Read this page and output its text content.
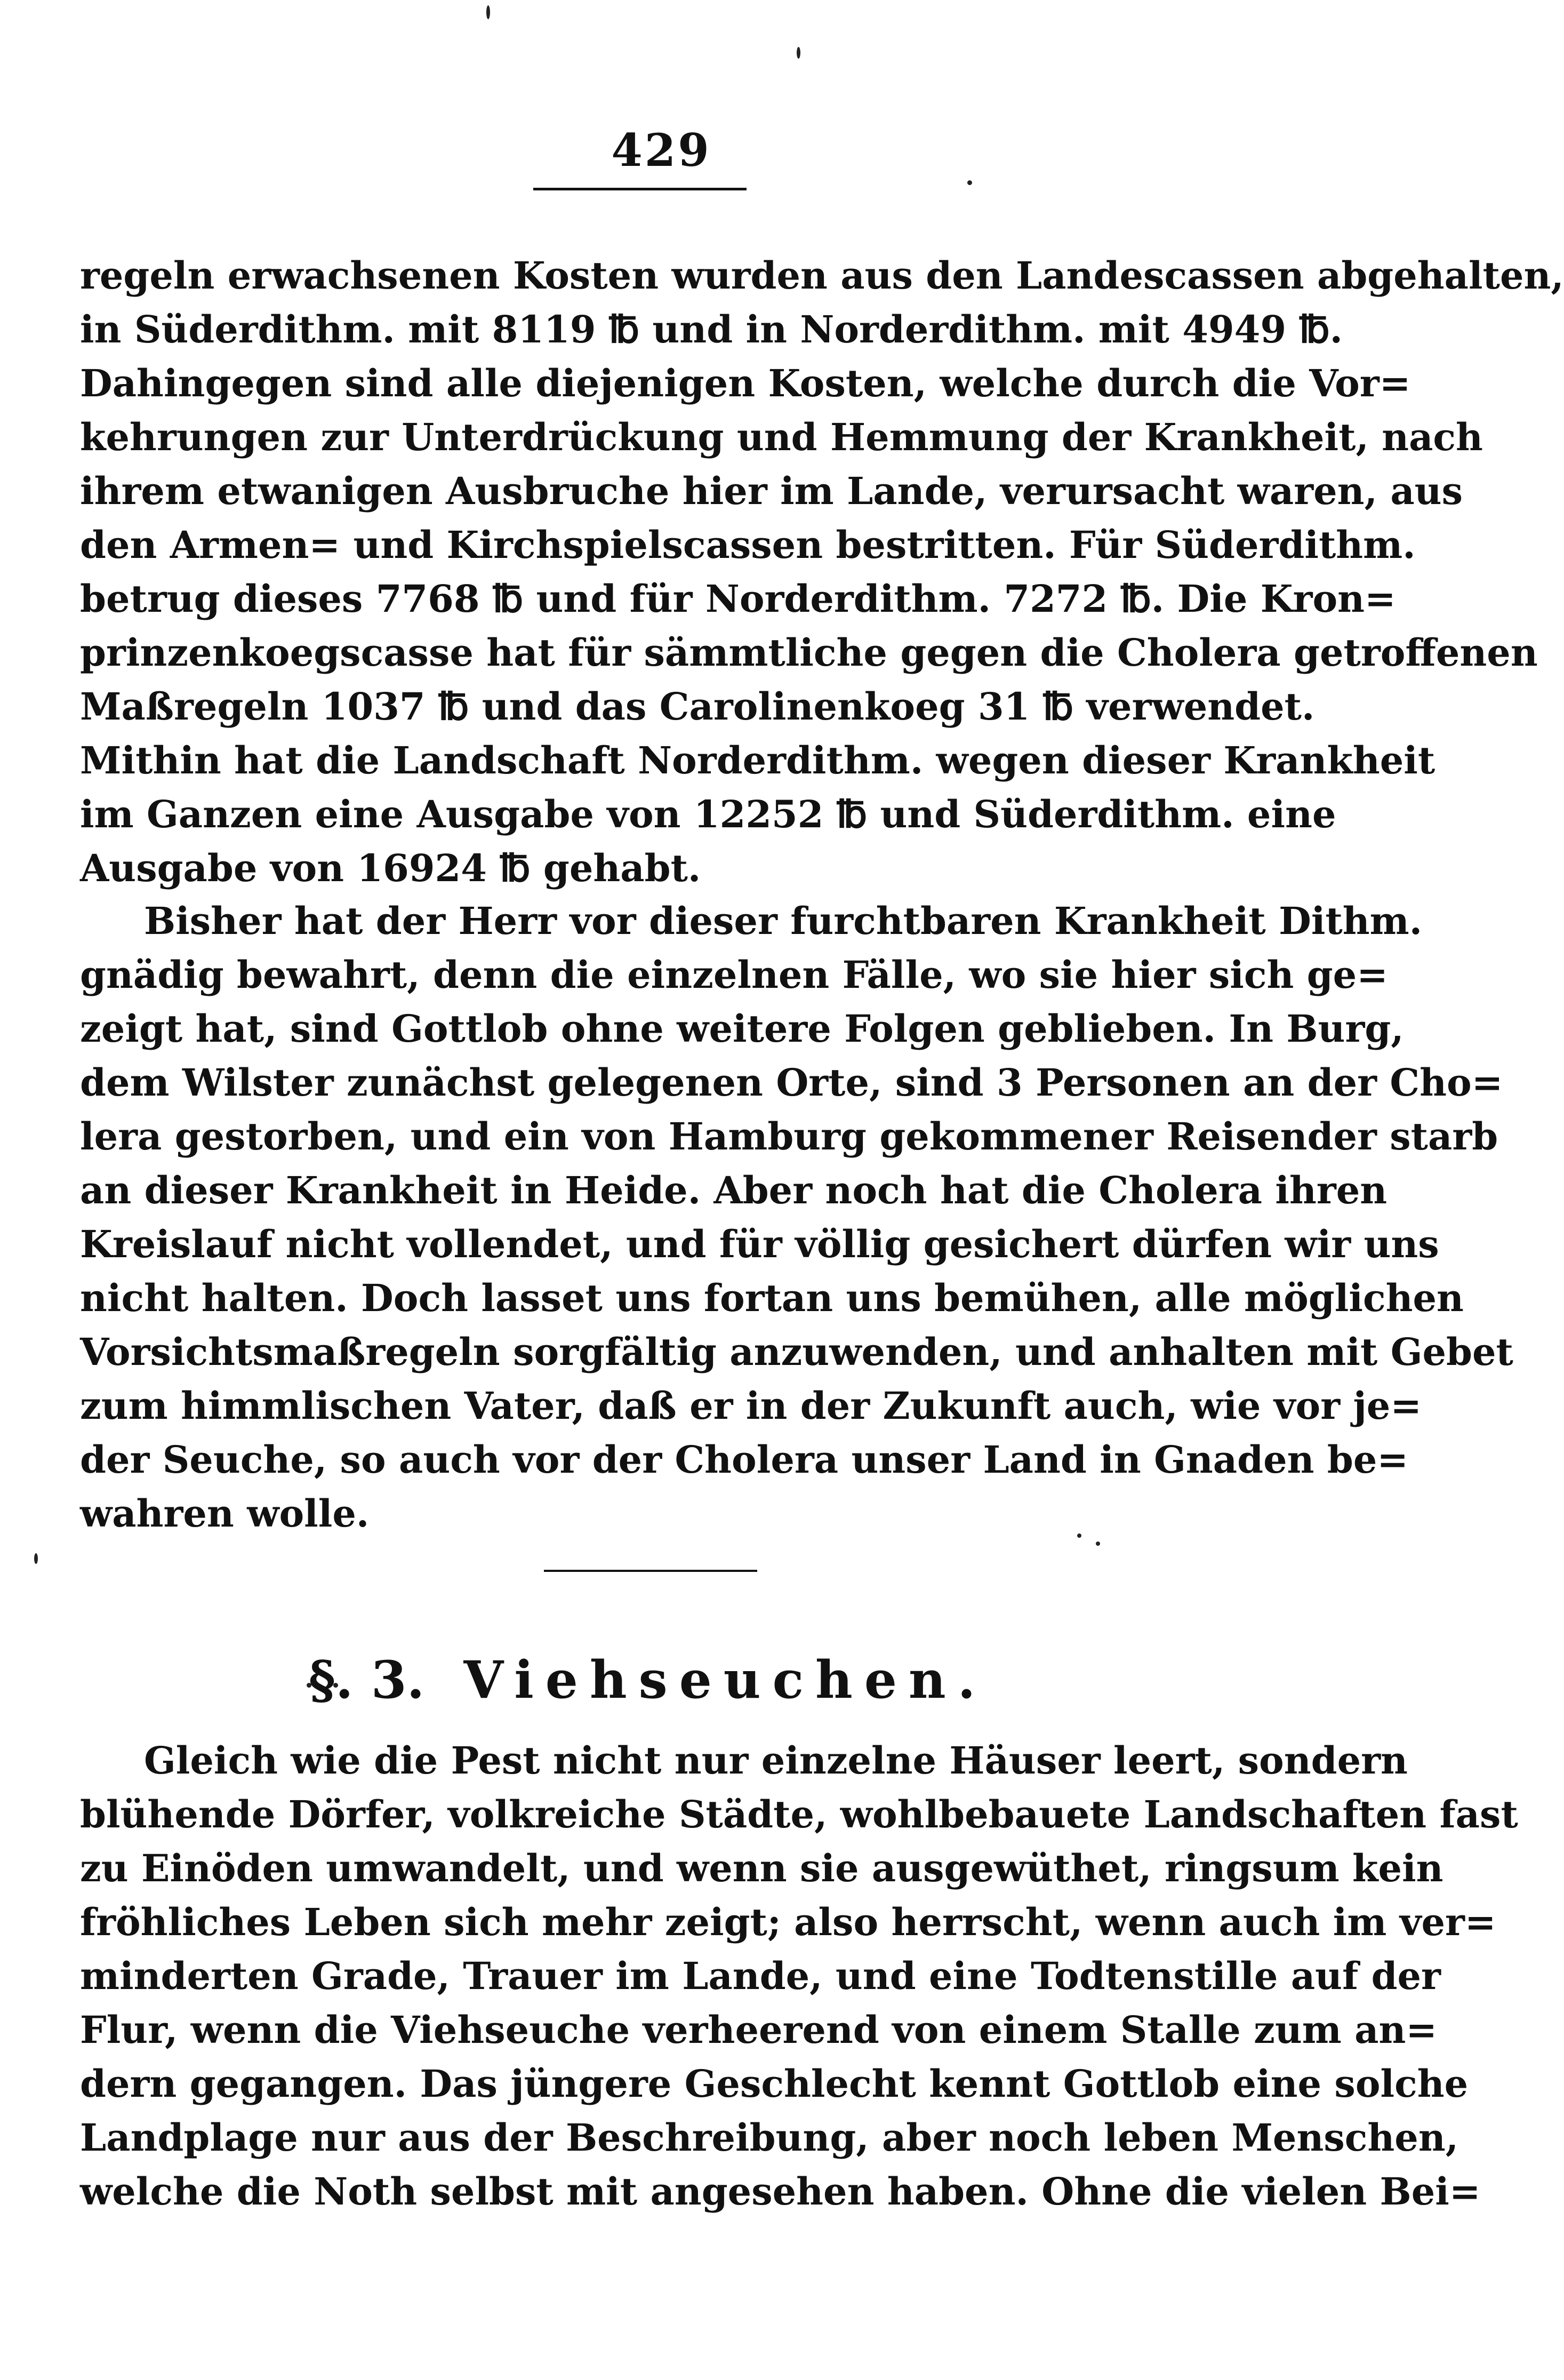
429
regeln erwachsenen Kosten wurden aus den Landescassen abgehalten,
in Süderdithm. mit 8119 ℔ und in Norderdithm. mit 4949 ℔.
Dahingegen sind alle diejenigen Kosten, welche durch die Vor=
kehrungen zur Unterdrückung und Hemmung der Krankheit, nach
ihrem etwanigen Ausbruche hier im Lande, verursacht waren, aus
den Armen= und Kirchspielscassen bestritten. Für Süderdithm.
betrug dieses 7768 ℔ und für Norderdithm. 7272 ℔. Die Kron=
prinzenkoegscasse hat für sämmtliche gegen die Cholera getroffenen
Maßregeln 1037 ℔ und das Carolinenkoeg 31 ℔ verwendet.
Mithin hat die Landschaft Norderdithm. wegen dieser Krankheit
im Ganzen eine Ausgabe von 12252 ℔ und Süderdithm. eine
Ausgabe von 16924 ℔ gehabt.
Bisher hat der Herr vor dieser furchtbaren Krankheit Dithm.
gnädig bewahrt, denn die einzelnen Fälle, wo sie hier sich ge=
zeigt hat, sind Gottlob ohne weitere Folgen geblieben. In Burg,
dem Wilster zunächst gelegenen Orte, sind 3 Personen an der Cho=
lera gestorben, und ein von Hamburg gekommener Reisender starb
an dieser Krankheit in Heide. Aber noch hat die Cholera ihren
Kreislauf nicht vollendet, und für völlig gesichert dürfen wir uns
nicht halten. Doch lasset uns fortan uns bemühen, alle möglichen
Vorsichtsmaßregeln sorgfältig anzuwenden, und anhalten mit Gebet
zum himmlischen Vater, daß er in der Zukunft auch, wie vor je=
der Seuche, so auch vor der Cholera unser Land in Gnaden be=
wahren wolle.
§. 3. Viehseuchen.
Gleich wie die Pest nicht nur einzelne Häuser leert, sondern
blühende Dörfer, volkreiche Städte, wohlbebauete Landschaften fast
zu Einöden umwandelt, und wenn sie ausgewüthet, ringsum kein
fröhliches Leben sich mehr zeigt; also herrscht, wenn auch im ver=
minderten Grade, Trauer im Lande, und eine Todtenstille auf der
Flur, wenn die Viehseuche verheerend von einem Stalle zum an=
dern gegangen. Das jüngere Geschlecht kennt Gottlob eine solche
Landplage nur aus der Beschreibung, aber noch leben Menschen,
welche die Noth selbst mit angesehen haben. Ohne die vielen Bei=
